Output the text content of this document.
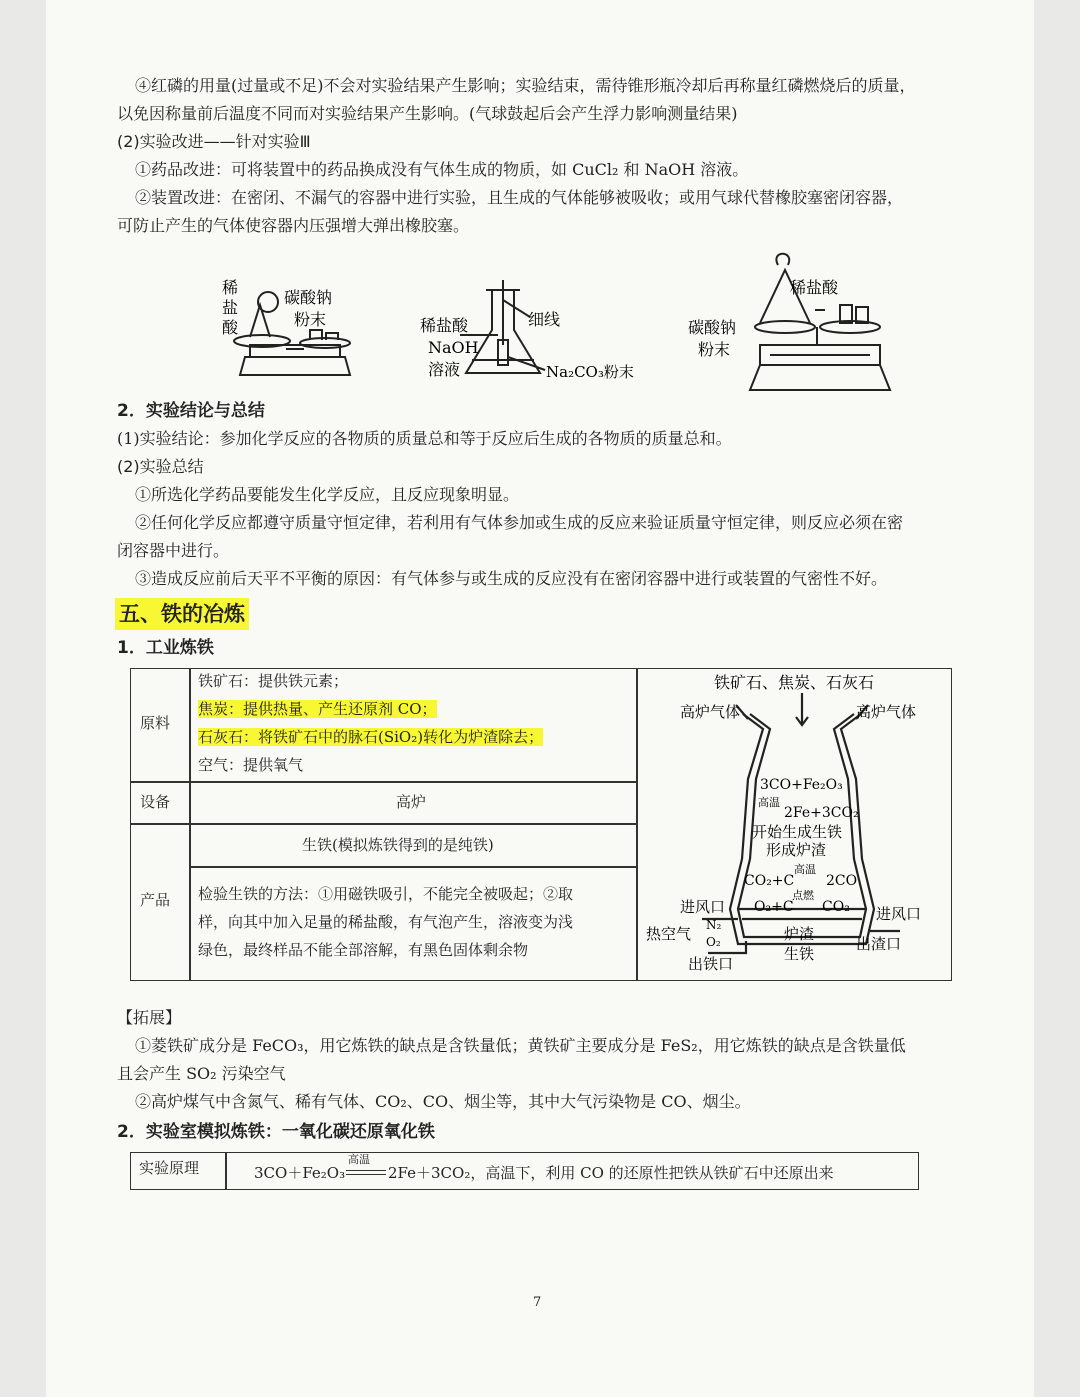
④红磷的用量(过量或不足)不会对实验结果产生影响；实验结束，需待锥形瓶冷却后再称量红磷燃烧后的质量，
以免因称量前后温度不同而对实验结果产生影响。(气球鼓起后会产生浮力影响测量结果)
(2)实验改进——针对实验Ⅲ
①药品改进：可将装置中的药品换成没有气体生成的物质，如 CuCl₂ 和 NaOH 溶液。
②装置改进：在密闭、不漏气的容器中进行实验，且生成的气体能够被吸收；或用气球代替橡胶塞密闭容器，
可防止产生的气体使容器内压强增大弹出橡胶塞。
稀
盐
酸
碳酸钠
粉末	稀盐酸
NaOH
溶液
细线
Na₂CO₃粉末
稀盐酸
碳酸钠
粉末
2．实验结论与总结
(1)实验结论：参加化学反应的各物质的质量总和等于反应后生成的各物质的质量总和。
(2)实验总结
①所选化学药品要能发生化学反应，且反应现象明显。
②任何化学反应都遵守质量守恒定律，若利用有气体参加或生成的反应来验证质量守恒定律，则反应必须在密
闭容器中进行。
③造成反应前后天平不平衡的原因：有气体参与或生成的反应没有在密闭容器中进行或装置的气密性不好。
五、铁的冶炼
1．工业炼铁
原料
铁矿石：提供铁元素；
焦炭：提供热量、产生还原剂 CO；
石灰石：将铁矿石中的脉石(SiO₂)转化为炉渣除去；
空气：提供氧气
设备	高炉
产品
生铁(模拟炼铁得到的是纯铁)
检验生铁的方法：①用磁铁吸引，不能完全被吸起；②取
样，向其中加入足量的稀盐酸，有气泡产生，溶液变为浅
绿色，最终样品不能全部溶解，有黑色固体剩余物
铁矿石、焦炭、石灰石
高炉气体	高炉气体
3CO+Fe₂O₃
高温
2Fe+3CO₂
开始生成生铁
形成炉渣
高温
CO₂+C 2CO
点燃
O₂+C CO₂
进风口	进风口
热空气 N₂
O₂	炉渣
生铁
出渣口
出铁口
【拓展】
①菱铁矿成分是 FeCO₃，用它炼铁的缺点是含铁量低；黄铁矿主要成分是 FeS₂，用它炼铁的缺点是含铁量低
且会产生 SO₂ 污染空气
②高炉煤气中含氮气、稀有气体、CO₂、CO、烟尘等，其中大气污染物是 CO、烟尘。
2．实验室模拟炼铁：一氧化碳还原氧化铁
实验原理	3CO＋Fe₂O₃
高温
2Fe＋3CO₂，高温下，利用 CO 的还原性把铁从铁矿石中还原出来
7
